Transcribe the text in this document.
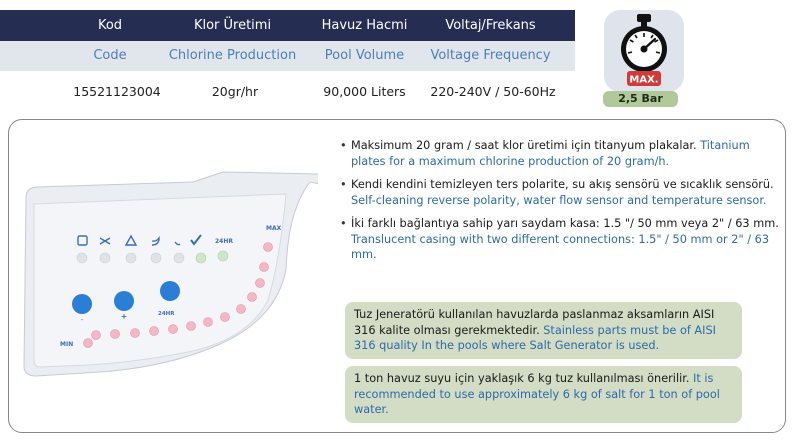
Kod	Klor Üretimi	Havuz Hacmi	Voltaj/Frekans
Code	Chlorine Production	Pool Volume	Voltage Frequency
15521123004	20gr/hr	90,000 Liters	220-240V / 50-60Hz
MAX.
2,5 Bar
24HR
MAX
MIN
24HR
-	+
• Maksimum 20 gram / saat klor üretimi için titanyum plakalar. Titanium plates for a maximum chlorine production of 20 gram/h.
• Kendi kendini temizleyen ters polarite, su akış sensörü ve sıcaklık sensörü. Self-cleaning reverse polarity, water flow sensor and temperature sensor.
• İki farklı bağlantıya sahip yarı saydam kasa: 1.5 "/ 50 mm veya 2" / 63 mm. Translucent casing with two different connections: 1.5" / 50 mm or 2" / 63 mm.
Tuz Jeneratörü kullanılan havuzlarda paslanmaz aksamların AISI 316 kalite olması gerekmektedir. Stainless parts must be of AISI 316 quality In the pools where Salt Generator is used.
1 ton havuz suyu için yaklaşık 6 kg tuz kullanılması önerilir. It is recommended to use approximately 6 kg of salt for 1 ton of pool water.
